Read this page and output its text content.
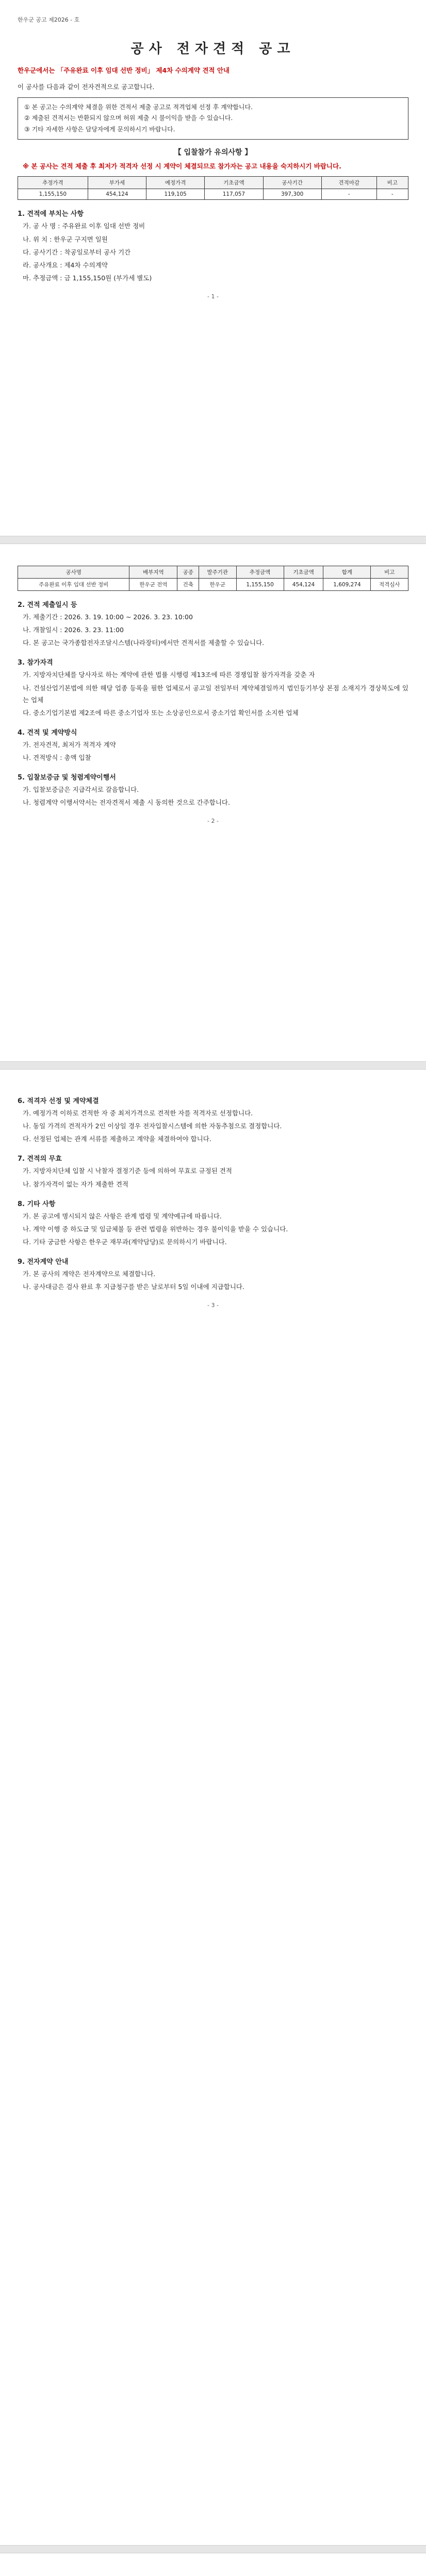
한우군 공고 제2026 - 호
공사 전자견적 공고

한우군에서는 「주유완료 이후 임대 선반 정비」 제4차 수의계약 견적 안내

이 공사를 다음과 같이 전자견적으로 공고합니다.

① 본 공고는 수의계약 체결을 위한 견적서 제출 공고로 적격업체 선정 후 계약합니다.
② 제출된 견적서는 반환되지 않으며 허위 제출 시 불이익을 받을 수 있습니다.
③ 기타 자세한 사항은 담당자에게 문의하시기 바랍니다.
【 입찰참가 유의사항 】

※ 본 공사는 견적 제출 후 최저가 적격자 선정 시 계약이 체결되므로 참가자는 공고 내용을 숙지하시기 바랍니다.

추정가격	부가세	예정가격	기초금액	공사기간	견적마감	비고
1,155,150	454,124	119,105	117,057	397,300	-	-
1. 견적에 부치는 사항

가. 공 사 명 : 주유완료 이후 임대 선반 정비

나. 위 치 : 한우군 구지면 일원

다. 공사기간 : 착공일로부터 공사 기간

라. 공사개요 : 제4차 수의계약

마. 추정금액 : 금 1,155,150원 (부가세 별도)

- 1 -
공사명	배부지역	공종	발주기관	추정금액	기초금액	합계	비고
주유완료 이후 임대 선반 정비	한우군 전역	건축	한우군	1,155,150	454,124	1,609,274	적격심사
2. 견적 제출일시 등

가. 제출기간 : 2026. 3. 19. 10:00 ~ 2026. 3. 23. 10:00

나. 개찰일시 : 2026. 3. 23. 11:00

다. 본 공고는 국가종합전자조달시스템(나라장터)에서만 견적서를 제출할 수 있습니다.

3. 참가자격

가. 지방자치단체를 당사자로 하는 계약에 관한 법률 시행령 제13조에 따른 경쟁입찰 참가자격을 갖춘 자

나. 건설산업기본법에 의한 해당 업종 등록을 필한 업체로서 공고일 전일부터 계약체결일까지 법인등기부상 본점 소재지가 경상북도에 있는 업체

다. 중소기업기본법 제2조에 따른 중소기업자 또는 소상공인으로서 중소기업 확인서를 소지한 업체

4. 견적 및 계약방식

가. 전자견적, 최저가 적격자 계약

나. 견적방식 : 총액 입찰

5. 입찰보증금 및 청렴계약이행서

가. 입찰보증금은 지급각서로 갈음합니다.

나. 청렴계약 이행서약서는 전자견적서 제출 시 동의한 것으로 간주합니다.

- 2 -
6. 적격자 선정 및 계약체결

가. 예정가격 이하로 견적한 자 중 최저가격으로 견적한 자를 적격자로 선정합니다.

나. 동일 가격의 견적자가 2인 이상일 경우 전자입찰시스템에 의한 자동추첨으로 결정합니다.

다. 선정된 업체는 관계 서류를 제출하고 계약을 체결하여야 합니다.

7. 견적의 무효

가. 지방자치단체 입찰 시 낙찰자 결정기준 등에 의하여 무효로 규정된 견적

나. 참가자격이 없는 자가 제출한 견적

8. 기타 사항

가. 본 공고에 명시되지 않은 사항은 관계 법령 및 계약예규에 따릅니다.

나. 계약 이행 중 하도급 및 임금체불 등 관련 법령을 위반하는 경우 불이익을 받을 수 있습니다.

다. 기타 궁금한 사항은 한우군 재무과(계약담당)로 문의하시기 바랍니다.

9. 전자계약 안내

가. 본 공사의 계약은 전자계약으로 체결합니다.

나. 공사대금은 검사 완료 후 지급청구를 받은 날로부터 5일 이내에 지급합니다.

- 3 -
